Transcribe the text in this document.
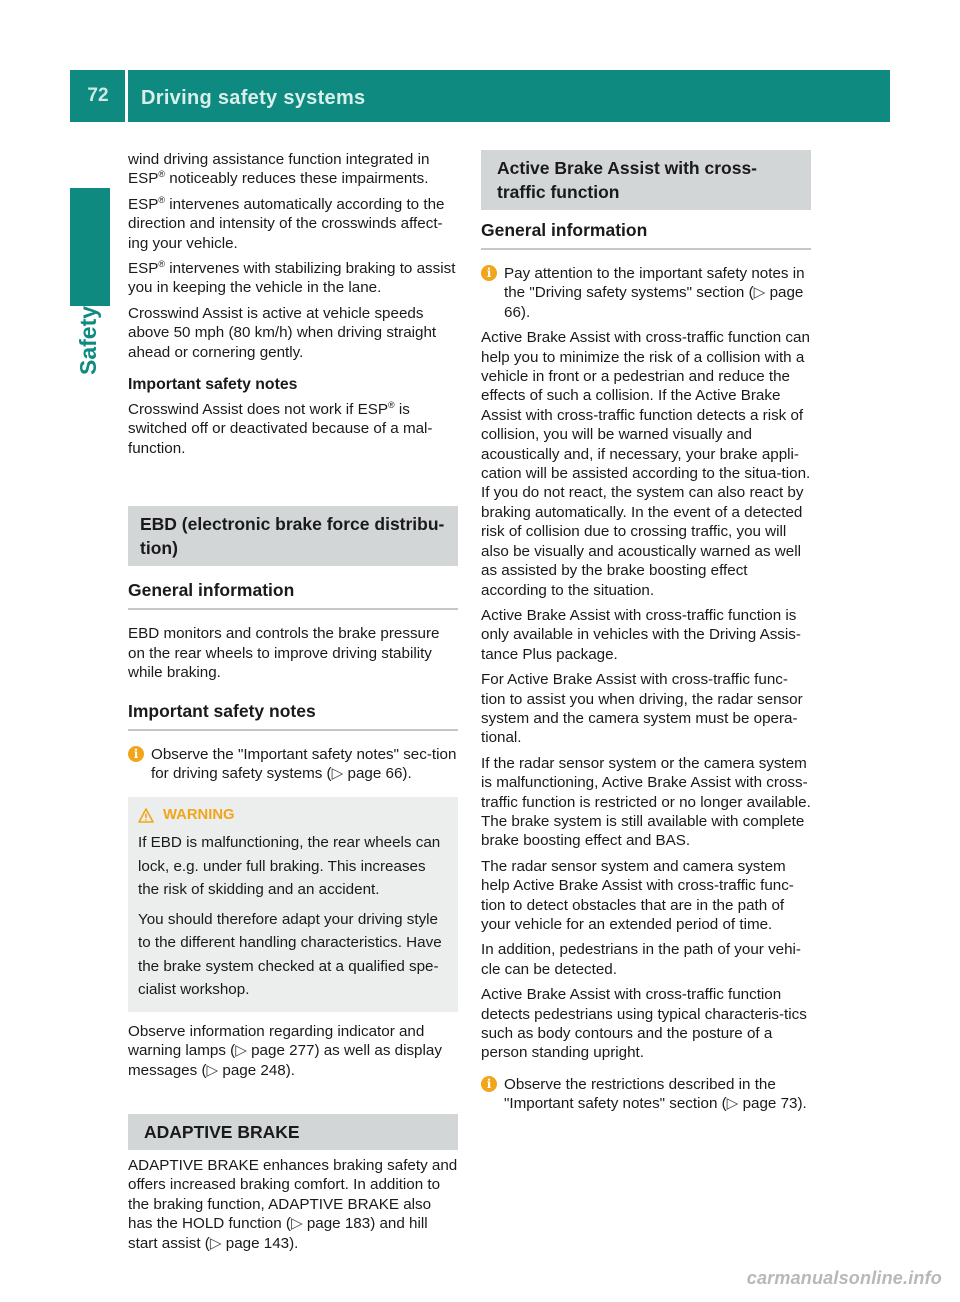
72	Driving safety systems
Safety

wind driving assistance function integrated in
ESP® noticeably reduces these impairments.

ESP® intervenes automatically according to the direction and intensity of the crosswinds affect-ing your vehicle.

ESP® intervenes with stabilizing braking to assist you in keeping the vehicle in the lane.

Crosswind Assist is active at vehicle speeds above 50 mph (80 km/h) when driving straight ahead or cornering gently.

Important safety notes

Crosswind Assist does not work if ESP® is switched off or deactivated because of a mal-function.

EBD (electronic brake force distribu-tion)
General information

EBD monitors and controls the brake pressure on the rear wheels to improve driving stability while braking.

Important safety notes
i Observe the "Important safety notes" sec-tion for driving safety systems (▷ page 66).
WARNING

If EBD is malfunctioning, the rear wheels can lock, e.g. under full braking. This increases the risk of skidding and an accident.

You should therefore adapt your driving style to the different handling characteristics. Have the brake system checked at a qualified spe-cialist workshop.

Observe information regarding indicator and warning lamps (▷ page 277) as well as display messages (▷ page 248).

ADAPTIVE BRAKE

ADAPTIVE BRAKE enhances braking safety and offers increased braking comfort. In addition to the braking function, ADAPTIVE BRAKE also has the HOLD function (▷ page 183) and hill start assist (▷ page 143).

Active Brake Assist with cross-traffic function
General information
i Pay attention to the important safety notes in the "Driving safety systems" section (▷ page 66).

Active Brake Assist with cross-traffic function can help you to minimize the risk of a collision with a vehicle in front or a pedestrian and reduce the effects of such a collision. If the Active Brake Assist with cross-traffic function detects a risk of collision, you will be warned visually and acoustically and, if necessary, your brake appli-cation will be assisted according to the situa-tion. If you do not react, the system can also react by braking automatically. In the event of a detected risk of collision due to crossing traffic, you will also be visually and acoustically warned as well as assisted by the brake boosting effect according to the situation.

Active Brake Assist with cross-traffic function is only available in vehicles with the Driving Assis-tance Plus package.

For Active Brake Assist with cross-traffic func-tion to assist you when driving, the radar sensor system and the camera system must be opera-tional.

If the radar sensor system or the camera system is malfunctioning, Active Brake Assist with cross-traffic function is restricted or no longer available. The brake system is still available with complete brake boosting effect and BAS.

The radar sensor system and camera system help Active Brake Assist with cross-traffic func-tion to detect obstacles that are in the path of your vehicle for an extended period of time.

In addition, pedestrians in the path of your vehi-cle can be detected.

Active Brake Assist with cross-traffic function detects pedestrians using typical characteris-tics such as body contours and the posture of a person standing upright.

i Observe the restrictions described in the "Important safety notes" section (▷ page 73).
carmanualsonline.info
